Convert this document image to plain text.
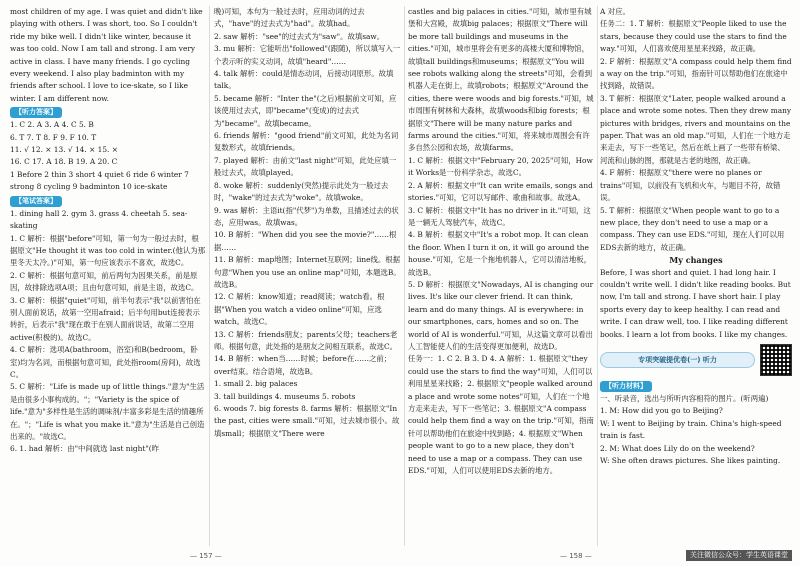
most children of my age. I was quiet and didn't like playing with others. I was short, too. So I couldn't ride my bike well. I didn't like winter, because it was too cold. Now I am tall and strong. I am very active in class. I have many friends. I go cycling every weekend. I also play badminton with my friends after school. I love to ice-skate, so I like winter. I am different now.

【听力答案】

1. C 2. A 3. A 4. C 5. B

6. T 7. T 8. F 9. F 10. T

11. √ 12. × 13. √ 14. × 15. ×

16. C 17. A 18. B 19. A 20. C

1 Before 2 thin 3 short 4 quiet 6 ride 6 winter 7 strong 8 cycling 9 badminton 10 ice-skate

【笔试答案】

1. dining hall 2. gym 3. grass 4. cheetah 5. sea-skating

1. C 解析：根据"before"可知，第一句为一般过去时，根据原文"He thought it was too cold in winter.(他认为那里冬天太冷。)"可知，第一句应该表示不喜欢，故选C。

2. C 解析：根据句意可知，前后两句为因果关系，前是原因，故排除选项A项；且由句意可知，前是主语，故选C。

3. C 解析：根据"quiet"可知，前半句表示"我"以前害怕在别人面前说话，故第一空用afraid；后半句用but连接表示转折，后表示"我"现在敢于在别人面前说话，故第二空用active(积极的)。故选C。

4. C 解析：选项A(bathroom，浴室)和B(bedroom，卧室)均为名词，而根据句意可知，此处指room(房间)，故选C。

5. C 解析："Life is made up of little things."意为"生活是由很多小事构成的。"；"Variety is the spice of life."意为"多样性是生活的调味剂/丰富多彩是生活的情趣所在。"；"Life is what you make it."意为"生活是自己创造出来的。"故选C。

6. 1. had 解析：由"中间就选 last night"(昨

晚)可知，本句为一般过去时，应用动词的过去式，"have"的过去式为"had"。故填had。

2. saw 解析："see"的过去式为"saw"。故填saw。

3. mu 解析：它能听出"followed"(跟随)，所以填写入一个表示听的实义动词，故填"heard"……

4. talk 解析：could是情态动词，后接动词原形。故填talk。

5. became 解析："Inter the"(之后)根据前文可知，应该使用过去式，即"became"(变成)的过去式为"became"。故填became。

6. friends 解析："good friend"前文可知，此处为名词复数形式，故填friends。

7. played 解析：由前文"last night"可知，此处应填一般过去式，故填played。

8. woke 解析：suddenly(突然)提示此处为一般过去时，"wake"的过去式为"woke"。故填woke。

9. was 解析：主语it(指"代梦")为单数，且描述过去的状态，应用was。故填was。

10. B 解析："When did you see the movie?"……根据……

11. B 解析：map地图；Internet互联网；line线。根据句意"When you use an online map"可知，本题选B。故选B。

12. C 解析：know知道；read阅读；watch看。根据"When you watch a video online"可知，应选watch。故选C。

13. C 解析：friends朋友；parents父母；teachers老师。根据句意，此处指的是朋友之间相互联系，故选C。

14. B 解析：when当……时候；before在……之前；over结束。结合语境，故选B。

1. small 2. big palaces

3. tall buildings 4. museums 5. robots

6. woods 7. big forests 8. farms 解析：根据原文"In the past, cities were small."可知，过去城市很小。故填small；根据原文"There were

castles and big palaces in cities."可知，城市里有城堡和大宫殿，故填big palaces；根据原文"There will be more tall buildings and museums in the cities."可知，城市里将会有更多的高楼大厦和博物馆，故填tall buildings和museums；根据原文"You will see robots walking along the streets"可知，会看到机器人走在街上，故填robots；根据原文"Around the cities, there were woods and big forests."可知，城市周围有树林和大森林，故填woods和big forests；根据原文"There will be many nature parks and farms around the cities."可知，将来城市周围会有许多自然公园和农场，故填farms。

1. C 解析：根据文中"February 20, 2025"可知，How it Works是一份科学杂志，故选C。

2. A 解析：根据文中"It can write emails, songs and stories."可知，它可以写邮件、歌曲和故事。故选A。

3. C 解析：根据文中"It has no driver in it."可知，这是一辆无人驾驶汽车，故选C。

4. B 解析：根据文中"It's a robot mop. It can clean the floor. When I turn it on, it will go around the house."可知，它是一个拖地机器人，它可以清洁地板，故选B。

5. D 解析：根据原文"Nowadays, AI is changing our lives. It's like our clever friend. It can think, learn and do many things. AI is everywhere: in our smartphones, cars, homes and so on. The world of AI is wonderful."可知，从这篇文章可以看出人工智能使人们的生活变得更加便利，故选D。

任务一：1. C 2. B 3. D 4. A 解析：1. 根据原文"they could use the stars to find the way"可知，人们可以利用星星来找路；2. 根据原文"people walked around a place and wrote some notes"可知，人们在一个地方走来走去，写下一些笔记；3. 根据原文"A compass could help them find a way on the trip."可知，指南针可以帮助他们在旅途中找到路；4. 根据原文"When people want to go to a new place, they don't need to use a map or a compass. They can use EDS."可知，人们可以使用EDS去新的地方。

A 对应。

任务二：1. T 解析：根据原文"People liked to use the stars, because they could use the stars to find the way."可知，人们喜欢使用星星来找路，故正确。

2. F 解析：根据原文"A compass could help them find a way on the trip."可知，指南针可以帮助他们在旅途中找到路，故错误。

3. T 解析：根据原文"Later, people walked around a place and wrote some notes. Then they drew many pictures with bridges, rivers and mountains on the paper. That was an old map."可知，人们在一个地方走来走去，写下一些笔记，然后在纸上画了一些带有桥梁、河流和山脉的图，那就是古老的地图，故正确。

4. F 解析：根据原文"there were no planes or trains"可知，以前没有飞机和火车，与题目不符，故错误。

5. T 解析：根据原文"When people want to go to a new place, they don't need to use a map or a compass. They can use EDS."可知，现在人们可以用EDS去新的地方，故正确。

My changes

Before, I was short and quiet. I had long hair. I couldn't write well. I didn't like reading books. But now, I'm tall and strong. I have short hair. I play sports every day to keep healthy. I can read and write. I can draw well, too. I like reading different books. I learn a lot from books. I like my changes.

专项突破提优卷(一) 听力
【听力材料】

一、听录音，选出与所听内容相符的图片。(听两遍)

1. M: How did you go to Beijing?

W: I went to Beijing by train. China's high-speed train is fast.

2. M: What does Lily do on the weekend?

W: She often draws pictures. She likes painting.

— 157 —	— 158 —	关注微信公众号：学生英语课堂
